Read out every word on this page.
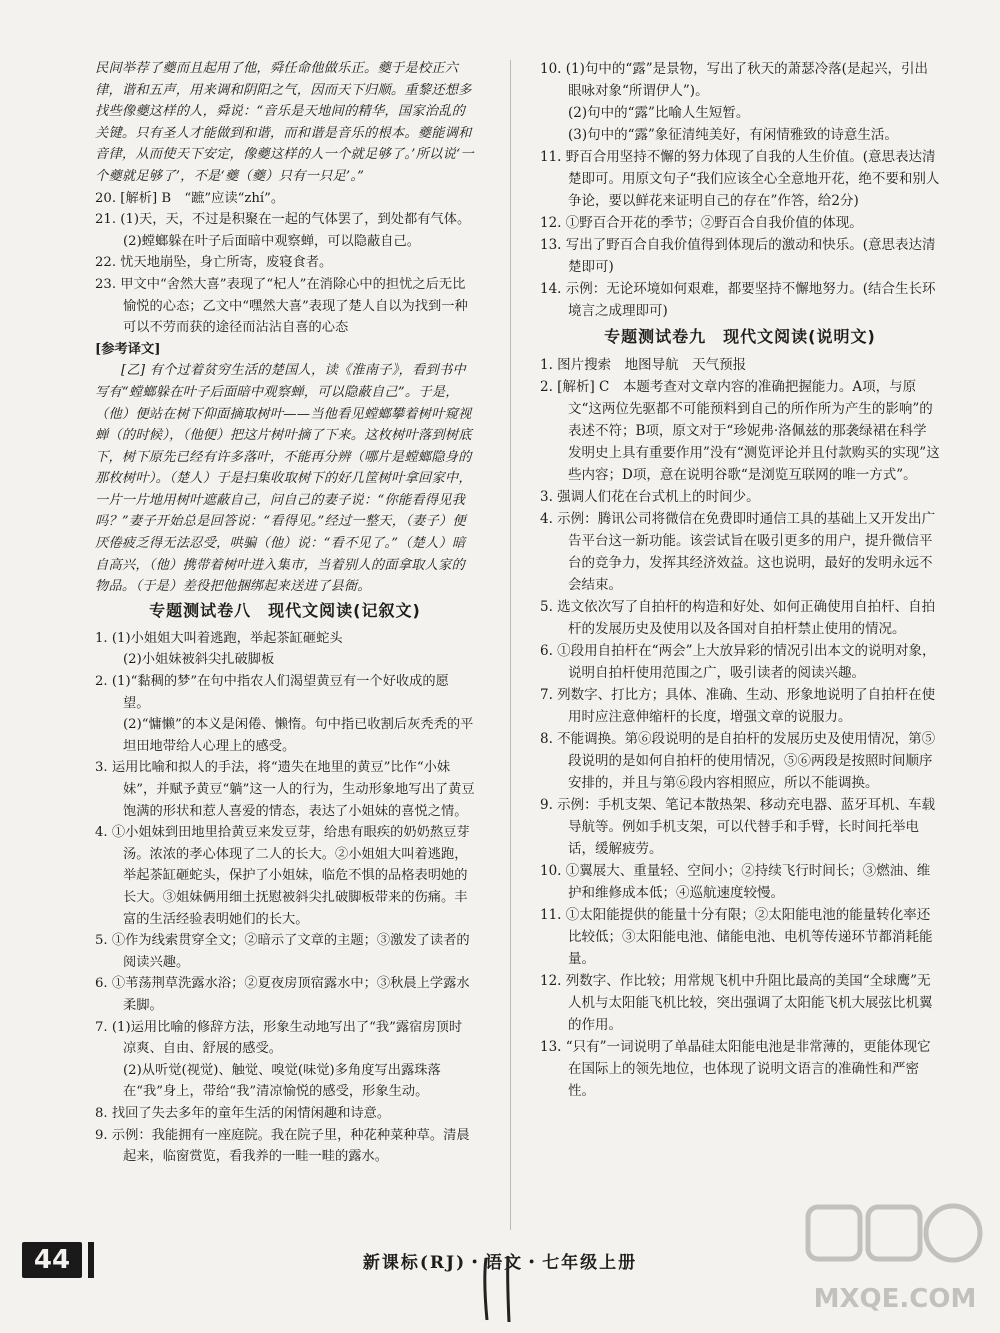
民间举荐了夔而且起用了他，舜任命他做乐正。夔于是校正六律，谐和五声，用来调和阴阳之气，因而天下归顺。重黎还想多找些像夔这样的人，舜说：“音乐是天地间的精华，国家治乱的关键。只有圣人才能做到和谐，而和谐是音乐的根本。夔能调和音律，从而使天下安定，像夔这样的人一个就足够了。’所以说‘一个夔就足够了’，不是‘夔（夔）只有一只足’。”
20. [解析] B　“蹠”应读“zhí”。
21. (1)天，天，不过是积聚在一起的气体罢了，到处都有气体。
(2)螳螂躲在叶子后面暗中观察蝉，可以隐蔽自己。
22. 忧天地崩坠，身亡所寄，废寝食者。
23. 甲文中“舍然大喜”表现了“杞人”在消除心中的担忧之后无比愉悦的心态；乙文中“嘿然大喜”表现了楚人自以为找到一种可以不劳而获的途径而沾沾自喜的心态
[参考译文]
[乙] 有个过着贫穷生活的楚国人，读《淮南子》，看到书中写有“螳螂躲在叶子后面暗中观察蝉，可以隐蔽自己”。于是，（他）便站在树下仰面摘取树叶——当他看见螳螂攀着树叶窥视蝉（的时候），（他便）把这片树叶摘了下来。这枚树叶落到树底下，树下原先已经有许多落叶，不能再分辨（哪片是螳螂隐身的那枚树叶）。（楚人）于是扫集收取树下的好几筐树叶拿回家中，一片一片地用树叶遮蔽自己，问自己的妻子说：“你能看得见我吗？”妻子开始总是回答说：“看得见。”经过一整天，（妻子）便厌倦疲乏得无法忍受，哄骗（他）说：“看不见了。”（楚人）暗自高兴，（他）携带着树叶进入集市，当着别人的面拿取人家的物品。（于是）差役把他捆绑起来送进了县衙。
专题测试卷八　现代文阅读(记叙文)
1. (1)小姐姐大叫着逃跑，举起茶缸砸蛇头
(2)小姐妹被斜尖扎破脚板
2. (1)“黏稠的梦”在句中指农人们渴望黄豆有一个好收成的愿望。
(2)“慵懒”的本义是闲倦、懒惰。句中指已收割后灰秃秃的平坦田地带给人心理上的感受。
3. 运用比喻和拟人的手法，将“遗失在地里的黄豆”比作“小妹妹”，并赋予黄豆“躺”这一人的行为，生动形象地写出了黄豆饱满的形状和惹人喜爱的情态，表达了小姐妹的喜悦之情。
4. ①小姐妹到田地里拾黄豆来发豆芽，给患有眼疾的奶奶熬豆芽汤。浓浓的孝心体现了二人的长大。②小姐姐大叫着逃跑，举起茶缸砸蛇头，保护了小姐妹，临危不惧的品格表明她的长大。③姐妹俩用细土抚慰被斜尖扎破脚板带来的伤痛。丰富的生活经验表明她们的长大。
5. ①作为线索贯穿全文；②暗示了文章的主题；③激发了读者的阅读兴趣。
6. ①苇荡荆草洗露水浴；②夏夜房顶宿露水中；③秋晨上学露水柔脚。
7. (1)运用比喻的修辞方法，形象生动地写出了“我”露宿房顶时凉爽、自由、舒展的感受。
(2)从听觉(视觉)、触觉、嗅觉(味觉)多角度写出露珠落在“我”身上，带给“我”清凉愉悦的感受，形象生动。
8. 找回了失去多年的童年生活的闲情闲趣和诗意。
9. 示例：我能拥有一座庭院。我在院子里，种花种菜种草。清晨起来，临窗赏览，看我养的一畦一畦的露水。
10. (1)句中的“露”是景物，写出了秋天的萧瑟冷落(是起兴，引出眼咏对象“所谓伊人”)。
(2)句中的“露”比喻人生短暂。
(3)句中的“露”象征清纯美好，有闲情雅致的诗意生活。
11. 野百合用坚持不懈的努力体现了自我的人生价值。(意思表达清楚即可。用原文句子“我们应该全心全意地开花，绝不要和别人争论，要以鲜花来证明自己的存在”作答，给2分)
12. ①野百合开花的季节；②野百合自我价值的体现。
13. 写出了野百合自我价值得到体现后的激动和快乐。(意思表达清楚即可)
14. 示例：无论环境如何艰难，都要坚持不懈地努力。(结合生长环境言之成理即可)
专题测试卷九　现代文阅读(说明文)
1. 图片搜索　地图导航　天气预报
2. [解析] C　本题考查对文章内容的准确把握能力。A项，与原文“这两位先驱都不可能预料到自己的所作所为产生的影响”的表述不符；B项，原文对于“珍妮弗·洛佩兹的那袭绿裙在科学发明史上具有重要作用”没有“测览评论并且付款购买的实现”这些内容；D项，意在说明谷歌“是浏览互联网的唯一方式”。
3. 强调人们花在台式机上的时间少。
4. 示例：腾讯公司将微信在免费即时通信工具的基础上又开发出广告平台这一新功能。该尝试旨在吸引更多的用户，提升微信平台的竞争力，发挥其经济效益。这也说明，最好的发明永远不会结束。
5. 选文依次写了自拍杆的构造和好处、如何正确使用自拍杆、自拍杆的发展历史及使用以及各国对自拍杆禁止使用的情况。
6. ①段用自拍杆在“两会”上大放异彩的情况引出本文的说明对象，说明自拍杆使用范围之广，吸引读者的阅读兴趣。
7. 列数字、打比方；具体、准确、生动、形象地说明了自拍杆在使用时应注意伸缩杆的长度，增强文章的说服力。
8. 不能调换。第⑥段说明的是自拍杆的发展历史及使用情况，第⑤段说明的是如何自拍杆的使用情况，⑤⑥两段是按照时间顺序安排的，并且与第⑥段内容相照应，所以不能调换。
9. 示例：手机支架、笔记本散热架、移动充电器、蓝牙耳机、车载导航等。例如手机支架，可以代替手和手臂，长时间托举电话，缓解疲劳。
10. ①翼展大、重量轻、空间小；②持续飞行时间长；③燃油、维护和维修成本低；④巡航速度较慢。
11. ①太阳能提供的能量十分有限；②太阳能电池的能量转化率还比较低；③太阳能电池、储能电池、电机等传递环节都消耗能量。
12. 列数字、作比较；用常规飞机中升阻比最高的美国“全球鹰”无人机与太阳能飞机比较，突出强调了太阳能飞机大展弦比机翼的作用。
13. “只有”一词说明了单晶硅太阳能电池是非常薄的，更能体现它在国际上的领先地位，也体现了说明文语言的准确性和严密性。
44	新课标(RJ)・语文・七年级上册
MXQE.COM
